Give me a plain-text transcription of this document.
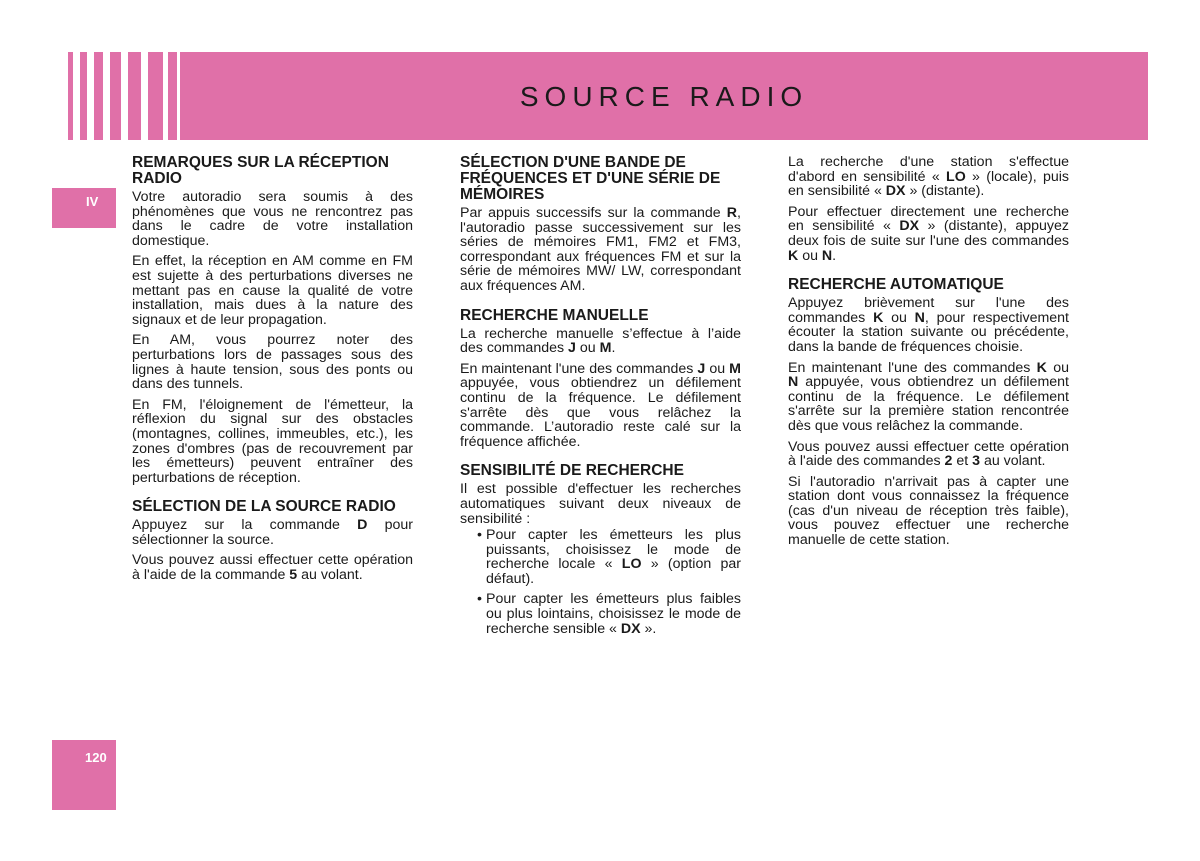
SOURCE RADIO
IV
120
REMARQUES SUR LA RÉCEPTION RADIO

Votre autoradio sera soumis à des phénomènes que vous ne rencontrez pas dans le cadre de votre installation domestique.

En effet, la réception en AM comme en FM est sujette à des perturbations diverses ne mettant pas en cause la qualité de votre installation, mais dues à la nature des signaux et de leur propagation.

En AM, vous pourrez noter des perturbations lors de passages sous des lignes à haute tension, sous des ponts ou dans des tunnels.

En FM, l'éloignement de l'émetteur, la réflexion du signal sur des obstacles (montagnes, collines, immeubles, etc.), les zones d'ombres (pas de recouvrement par les émetteurs) peuvent entraîner des perturbations de réception.

SÉLECTION DE LA SOURCE RADIO

Appuyez sur la commande D pour sélectionner la source.

Vous pouvez aussi effectuer cette opération à l'aide de la commande 5 au volant.

SÉLECTION D'UNE BANDE DE FRÉQUENCES ET D'UNE SÉRIE DE MÉMOIRES

Par appuis successifs sur la commande R, l'autoradio passe successivement sur les séries de mémoires FM1, FM2 et FM3, correspondant aux fréquences FM et sur la série de mémoires MW/ LW, correspondant aux fréquences AM.

RECHERCHE MANUELLE

La recherche manuelle s’effectue à l’aide des commandes J ou M.

En maintenant l'une des commandes J ou M appuyée, vous obtiendrez un défilement continu de la fréquence. Le défilement s'arrête dès que vous relâchez la commande. L’autoradio reste calé sur la fréquence affichée.

SENSIBILITÉ DE RECHERCHE

Il est possible d'effectuer les recherches automatiques suivant deux niveaux de sensibilité :

• Pour capter les émetteurs les plus puissants, choisissez le mode de recherche locale « LO » (option par défaut).
• Pour capter les émetteurs plus faibles ou plus lointains, choisissez le mode de recherche sensible « DX ».

La recherche d'une station s'effectue d'abord en sensibilité « LO » (locale), puis en sensibilité « DX » (distante).

Pour effectuer directement une recherche en sensibilité « DX » (distante), appuyez deux fois de suite sur l'une des commandes K ou N.

RECHERCHE AUTOMATIQUE

Appuyez brièvement sur l'une des commandes K ou N, pour respectivement écouter la station suivante ou précédente, dans la bande de fréquences choisie.

En maintenant l'une des commandes K ou N appuyée, vous obtiendrez un défilement continu de la fréquence. Le défilement s'arrête sur la première station rencontrée dès que vous relâchez la commande.

Vous pouvez aussi effectuer cette opération à l'aide des commandes 2 et 3 au volant.

Si l'autoradio n'arrivait pas à capter une station dont vous connaissez la fréquence (cas d'un niveau de réception très faible), vous pouvez effectuer une recherche manuelle de cette station.
